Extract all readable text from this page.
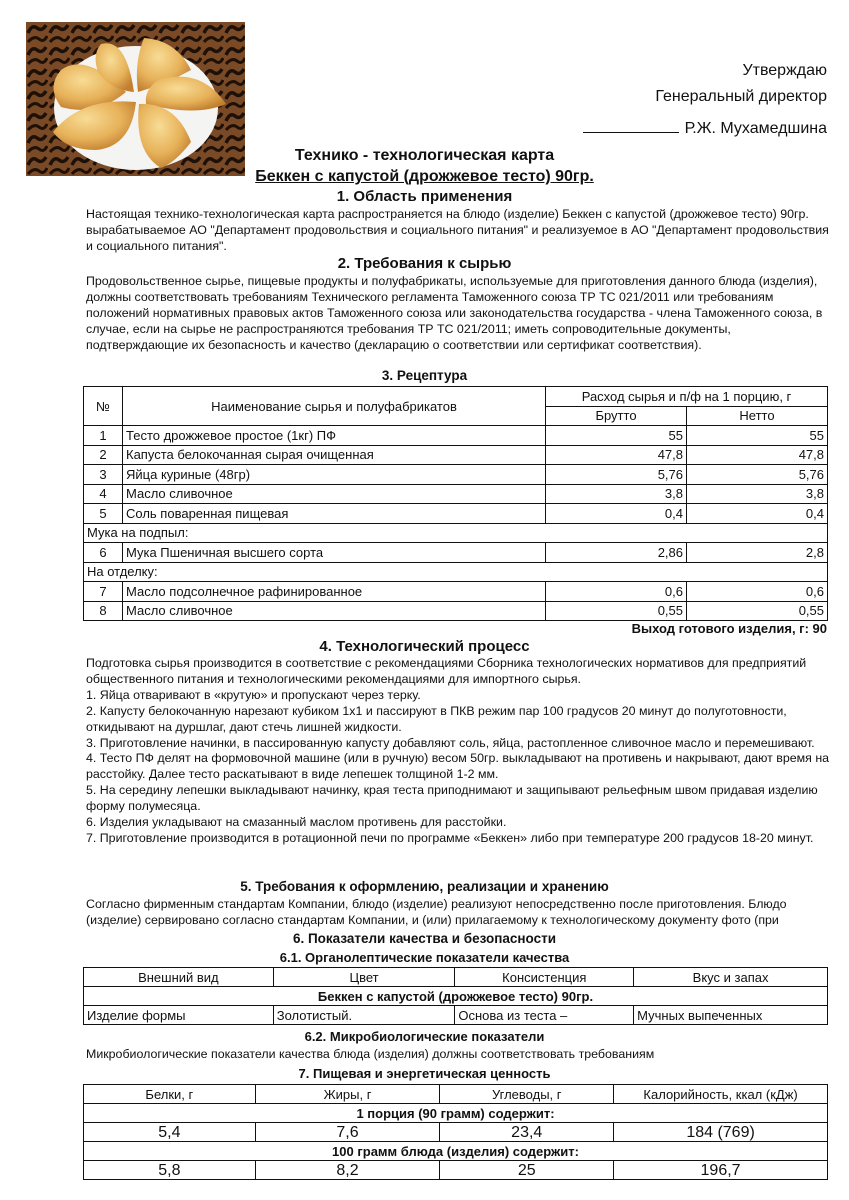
Утверждаю
Генеральный директор
Р.Ж. Мухамедшина
Технико - технологическая карта
Беккен с капустой (дрожжевое тесто) 90гр.
1. Область применения
Настоящая технико-технологическая карта распространяется на блюдо (изделие) Беккен с капустой (дрожжевое тесто) 90гр. вырабатываемое АО "Департамент продовольствия и социального питания" и реализуемое в АО "Департамент продовольствия и социального питания".
2. Требования к сырью
Продовольственное сырье, пищевые продукты и полуфабрикаты, используемые для приготовления данного блюда (изделия), должны соответствовать требованиям Технического регламента Таможенного союза ТР ТС 021/2011 или требованиям положений нормативных правовых актов Таможенного союза или законодательства государства - члена Таможенного союза, в случае, если на сырье не распространяются требования ТР ТС 021/2011; иметь сопроводительные документы, подтверждающие их безопасность и качество (декларацию о соответствии или сертификат соответствия).
3. Рецептура
№	Наименование сырья и полуфабрикатов	Расход сырья и п/ф на 1 порцию, г	
		Брутто	Нетто
1	Тесто дрожжевое простое (1кг) ПФ	55	55
2	Капуста белокочанная сырая очищенная	47,8	47,8
3	Яйца куриные (48гр)	5,76	5,76
4	Масло сливочное	3,8	3,8
5	Соль поваренная пищевая	0,4	0,4
Мука на подпыл:			
6	Мука Пшеничная высшего сорта	2,86	2,8
На отделку:			
7	Масло подсолнечное рафинированное	0,6	0,6
8	Масло сливочное	0,55	0,55
Выход готового изделия, г: 90
4. Технологический процесс

Подготовка сырья производится в соответствие с рекомендациями Сборника технологических нормативов для предприятий общественного питания и технологическими рекомендациями для импортного сырья.

1. Яйца отваривают в «крутую» и пропускают через терку.

2. Капусту белокочанную нарезают кубиком 1х1 и пассируют в ПКВ режим пар 100 градусов 20 минут до полуготовности, откидывают на дуршлаг, дают стечь лишней жидкости.

3. Приготовление начинки, в пассированную капусту добавляют соль, яйца, растопленное сливочное масло и перемешивают.

4. Тесто ПФ делят на формовочной машине (или в ручную) весом 50гр. выкладывают на противень и накрывают, дают время на расстойку. Далее тесто раскатывают в виде лепешек толщиной 1-2 мм.

5. На середину лепешки выкладывают начинку, края теста приподнимают и защипывают рельефным швом придавая изделию форму полумесяца.

6. Изделия укладывают на смазанный маслом противень для расстойки.

7. Приготовление производится в ротационной печи по программе «Беккен» либо при температуре 200 градусов 18-20 минут.

5. Требования к оформлению, реализации и хранению
Согласно фирменным стандартам Компании, блюдо (изделие) реализуют непосредственно после приготовления. Блюдо (изделие) сервировано согласно стандартам Компании, и (или) прилагаемому к технологическому документу фото (при
6. Показатели качества и безопасности
6.1. Органолептические показатели качества
Внешний вид	Цвет	Консистенция	Вкус и запах
Беккен с капустой (дрожжевое тесто) 90гр.			
Изделие формы	Золотистый.	Основа из теста –	Мучных выпеченных
6.2. Микробиологические показатели
Микробиологические показатели качества блюда (изделия) должны соответствовать требованиям
7. Пищевая и энергетическая ценность
Белки, г	Жиры, г	Углеводы, г	Калорийность, ккал (кДж)
1 порция (90 грамм) содержит:			
5,4	7,6	23,4	184 (769)
100 грамм блюда (изделия) содержит:			
5,8	8,2	25	196,7
